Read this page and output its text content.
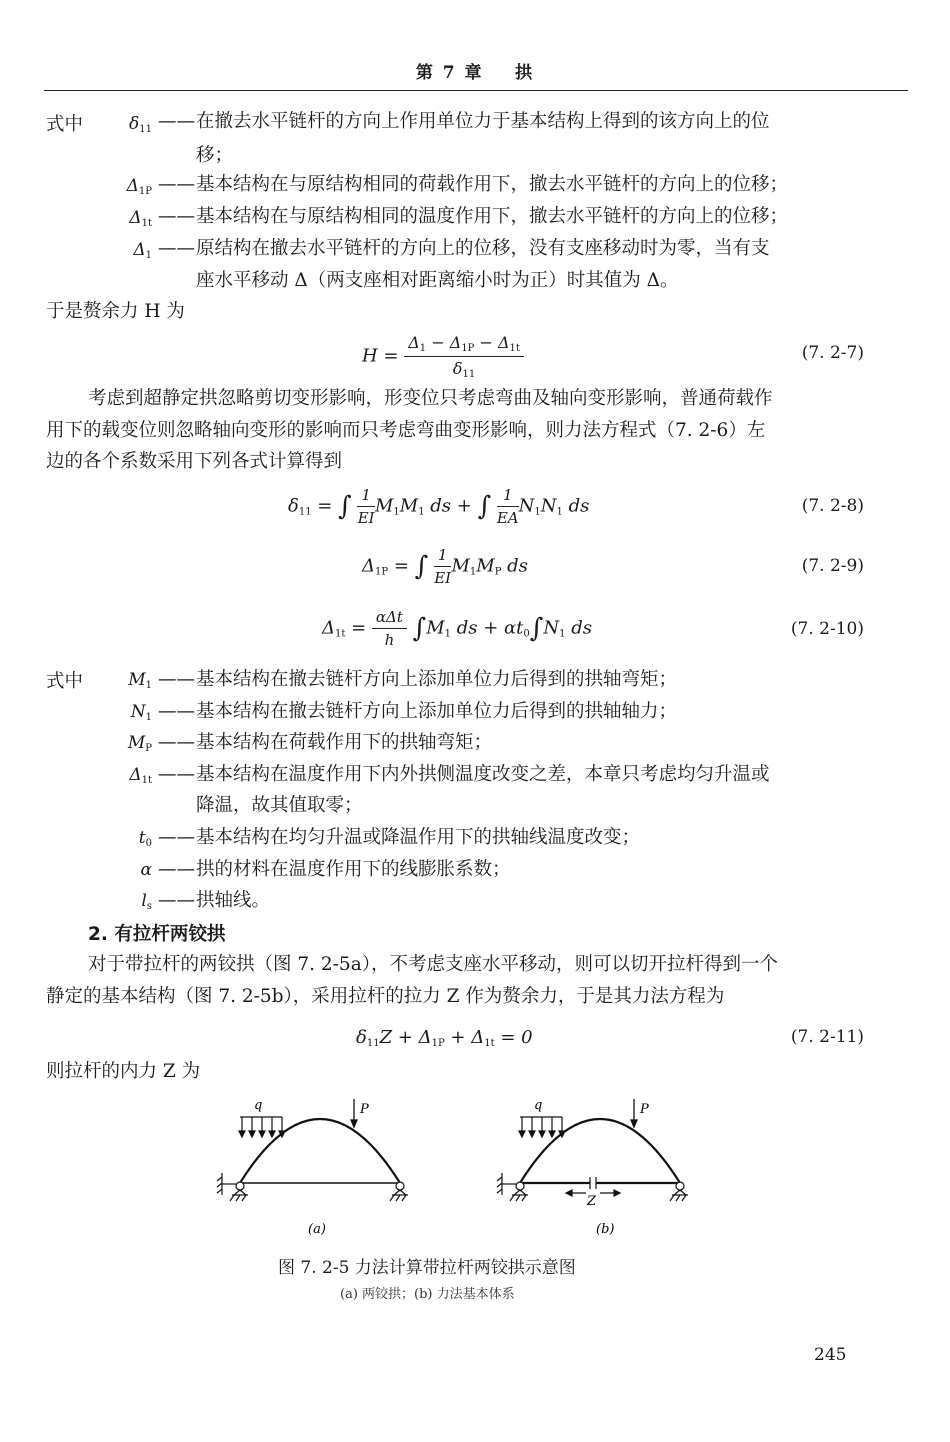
第 7 章 拱
式中	$\delta_{11}$ —— 在撤去水平链杆的方向上作用单位力于基本结构上得到的该方向上的位
移；
$\Delta_{1P}$ —— 基本结构在与原结构相同的荷载作用下，撤去水平链杆的方向上的位移；
$\Delta_{1t}$ —— 基本结构在与原结构相同的温度作用下，撤去水平链杆的方向上的位移；
$\Delta_1$ —— 原结构在撤去水平链杆的方向上的位移，没有支座移动时为零，当有支
座水平移动 Δ（两支座相对距离缩小时为正）时其值为 Δ。
于是赘余力 H 为
$H = \frac{\Delta_1 - \Delta_{1P} - \Delta_{1t}}{\delta_{11}}$	(7. 2-7)
考虑到超静定拱忽略剪切变形影响，形变位只考虑弯曲及轴向变形影响，普通荷载作
用下的载变位则忽略轴向变形的影响而只考虑弯曲变形影响，则力法方程式（7. 2-6）左
边的各个系数采用下列各式计算得到
$\delta_{11}$ = ∫ $\frac{1}{EI} M_1M_1$ ds + ∫ $\frac{1}{EA} N_1N_1$ ds	(7. 2-8)
$\Delta_{1P}$ = ∫ $\frac{1}{EI} M_1M_P$ ds	(7. 2-9)
$\Delta_{1t} = \frac{\text{αΔt}}{h} \int M_1$ ds + $\alpha t_0\int N_1$ ds	(7. 2-10)
式中	$M_1$ —— 基本结构在撤去链杆方向上添加单位力后得到的拱轴弯矩；
$N_1$ —— 基本结构在撤去链杆方向上添加单位力后得到的拱轴轴力；
$M_P$ —— 基本结构在荷载作用下的拱轴弯矩；
$\Delta_{1t}$ —— 基本结构在温度作用下内外拱侧温度改变之差，本章只考虑均匀升温或
降温，故其值取零；
$t_0$ —— 基本结构在均匀升温或降温作用下的拱轴线温度改变；
α —— 拱的材料在温度作用下的线膨胀系数；
$l_s$ —— 拱轴线。
2. 有拉杆两铰拱
对于带拉杆的两铰拱（图 7. 2-5a），不考虑支座水平移动，则可以切开拉杆得到一个
静定的基本结构（图 7. 2-5b），采用拉杆的拉力 Z 作为赘余力，于是其力法方程为
$\delta_{11}Z + \Delta_{1P} + \Delta_{1t} = 0$	(7. 2-11)
则拉杆的内力 Z 为
q	P
(a)
Z
q	P
(b)
图 7. 2-5 力法计算带拉杆两铰拱示意图
(a) 两铰拱；(b) 力法基本体系
245
